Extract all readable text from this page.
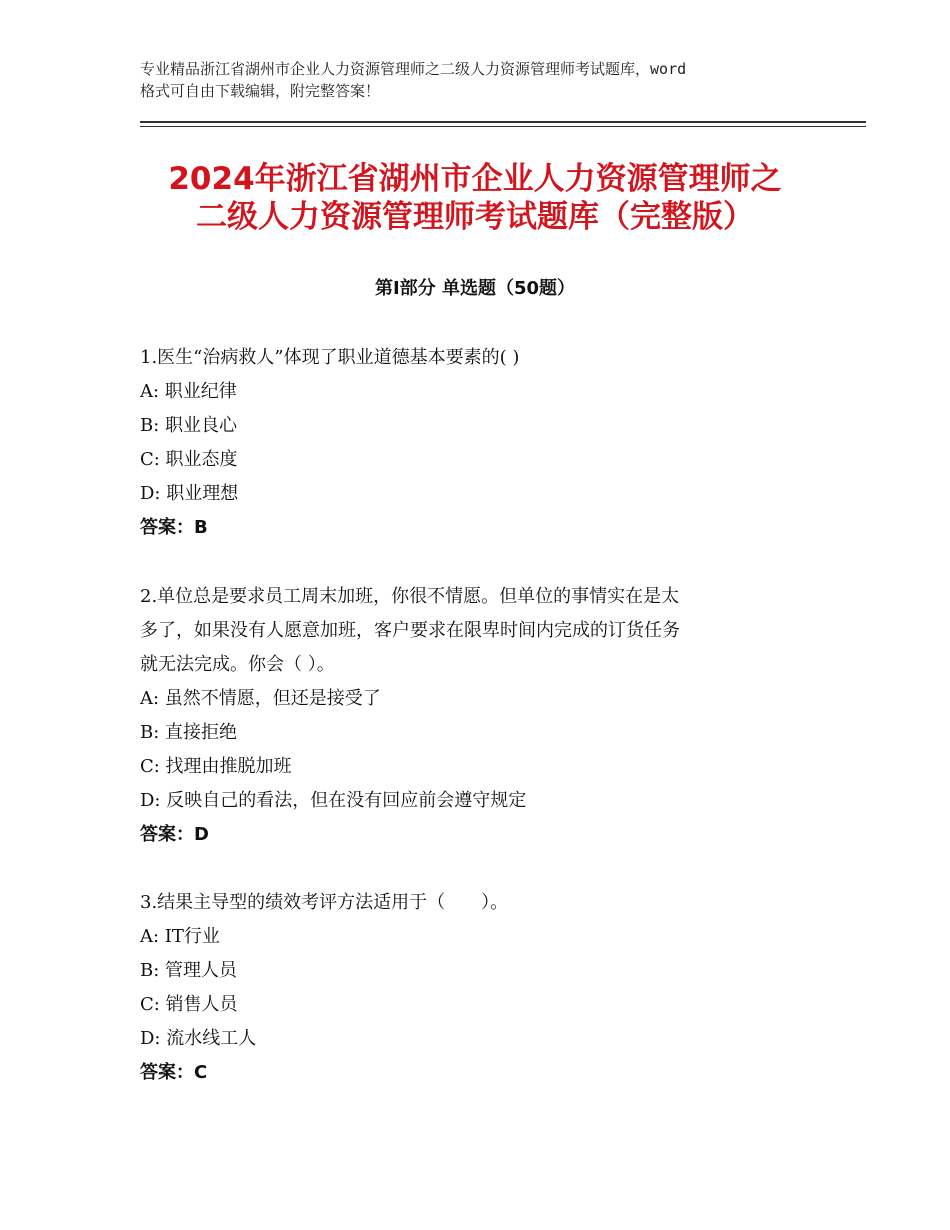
专业精品浙江省湖州市企业人力资源管理师之二级人力资源管理师考试题库，word
格式可自由下载编辑，附完整答案！
2024年浙江省湖州市企业人力资源管理师之
二级人力资源管理师考试题库（完整版）
第Ⅰ部分 单选题（50题）
1.医生“治病救人”体现了职业道德基本要素的( )
A: 职业纪律
B: 职业良心
C: 职业态度
D: 职业理想
答案：B
2.单位总是要求员工周末加班，你很不情愿。但单位的事情实在是太
多了，如果没有人愿意加班，客户要求在限卑时间内完成的订货任务
就无法完成。你会（ ）。
A: 虽然不情愿，但还是接受了
B: 直接拒绝
C: 找理由推脱加班
D: 反映自己的看法，但在没有回应前会遵守规定
答案：D
3.结果主导型的绩效考评方法适用于（　　）。
A: IT行业
B: 管理人员
C: 销售人员
D: 流水线工人
答案：C
